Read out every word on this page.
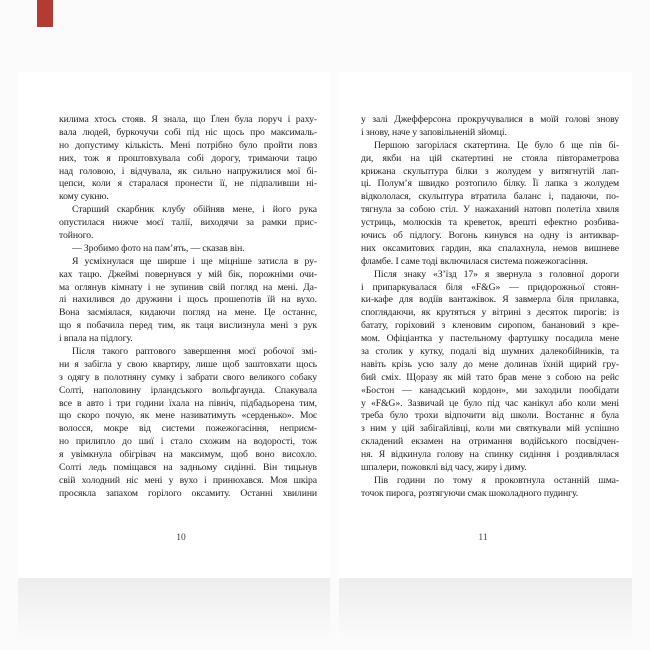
килима хтось стояв. Я знала, що Ґлен була поруч і раху-
вала людей, буркочучи собі під ніс щось про максималь-
но допустиму кількість. Мені потрібно було пройти повз
них, тож я проштовхувала собі дорогу, тримаючи тацю
над головою, і відчувала, як сильно напружилися мої бі-
цепси, коли я старалася пронести її, не підпаливши ні-
кому сукню.
Старший скарбник клубу обійняв мене, і його рука
опустилася нижче моєї талії, виходячи за рамки прис-
тойного.
— Зробимо фото на пам’ять, — сказав він.
Я усміхнулася ще ширше і ще міцніше затисла в ру-
ках тацю. Джеймі повернувся у мій бік, порожніми очи-
ма оглянув кімнату і не зупинив свій погляд на мені. Да-
лі нахилився до дружини і щось прошепотів їй на вухо.
Вона засміялася, кидаючи погляд на мене. Це останнє,
що я побачила перед тим, як таця вислизнула мені з рук
і впала на підлогу.
Після такого раптового завершення моєї робочої змі-
ни я забігла у свою квартиру, лише щоб заштовхати щось
з одягу в полотняну сумку і забрати свого великого собаку
Солті, наполовину ірландського вольфгаунда. Спакувала
все в авто і три години їхала на північ, підбадьорена тим,
що скоро почую, як мене називатимуть «серденько». Моє
волосся, мокре від системи пожежогасіння, неприєм-
но прилипло до шиї і стало схожим на водорості, тож
я увімкнула обігрівач на максимум, щоб воно висохло.
Солті ледь поміщався на задньому сидінні. Він тицьнув
свій холодний ніс мені у вухо і принюхався. Моя шкіра
просякла запахом горілого оксамиту. Останні хвилини
у залі Джефферсона прокручувалися в моїй голові знову
і знову, наче у заповільненій зйомці.
Першою загорілася скатертина. Це було б ще пів бі-
ди, якби на цій скатертині не стояла півтораметрова
крижана скульптура білки з жолудем у витягнутій лап-
ці. Полум’я швидко розтопило білку. Її лапка з жолудем
відкололася, скульптура втратила баланс і, падаючи, по-
тягнула за собою стіл. У нажаханий натовп полетіла хвиля
устриць, молюсків та креветок, врешті ефектно розбива-
ючись об підлогу. Вогонь кинувся на одну із антиквар-
них оксамитових гардин, яка спалахнула, немов вишневе
фламбе. І саме тоді включилася система пожежогасіння.
Після знаку «З’їзд 17» я звернула з головної дороги
і припаркувалася біля «F&G» — придорожньої стоян-
ки-кафе для водіїв вантажівок. Я завмерла біля прилавка,
споглядаючи, як крутяться у вітрині з десяток пирогів: із
батату, горіховий з кленовим сиропом, банановий з кре-
мом. Офіціантка у пастельному фартушку посадила мене
за столик у кутку, подалі від шумних далекобійників, та
навіть крізь усю залу до мене долинав їхній щирий гру-
бий сміх. Щоразу як мій тато брав мене з собою на рейс
«Бостон — канадський кордон», ми заходили пообідати
у «F&G». Зазвичай це було під час канікул або коли мені
треба було трохи відпочити від школи. Востаннє я була
з ним у цій забігайлівці, коли ми святкували мій успішно
складений екзамен на отримання водійського посвідчен-
ня. Я відкинула голову на спинку сидіння і роздивлялася
шпалери, пожовклі від часу, жиру і диму.
Пів години по тому я проковтнула останній шма-
точок пирога, розтягуючи смак шоколадного пудингу.
10	11
